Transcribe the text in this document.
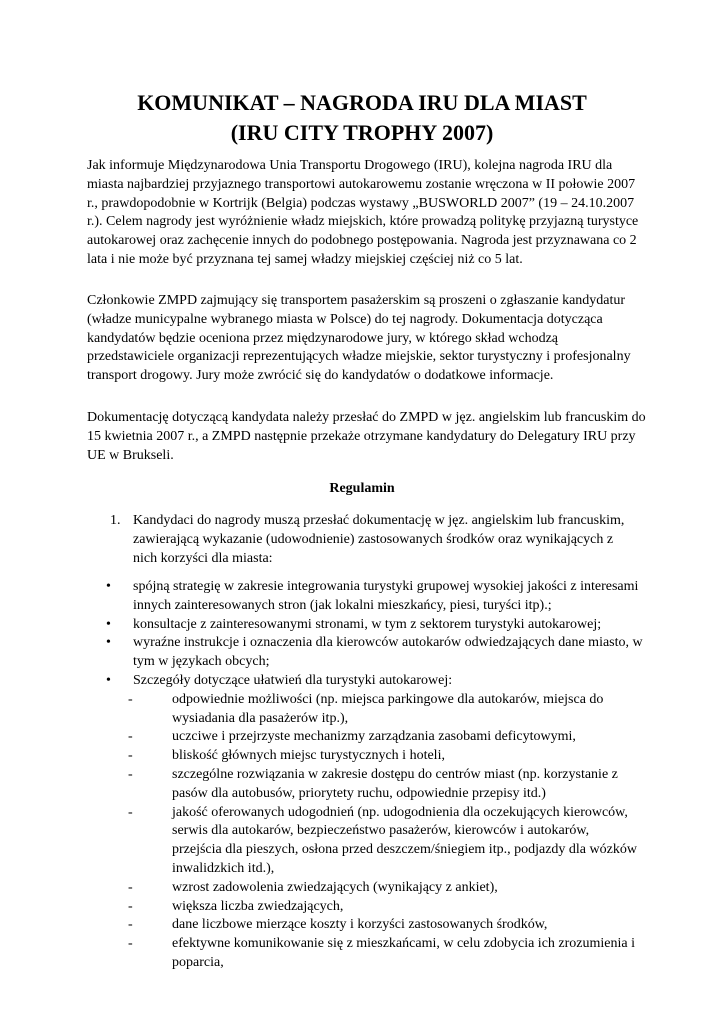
KOMUNIKAT – NAGRODA IRU DLA MIAST
(IRU CITY TROPHY 2007)

Jak informuje Międzynarodowa Unia Transportu Drogowego (IRU), kolejna nagroda IRU dla miasta najbardziej przyjaznego transportowi autokarowemu zostanie wręczona w II połowie 2007 r., prawdopodobnie w Kortrijk (Belgia) podczas wystawy „BUSWORLD 2007” (19 – 24.10.2007 r.). Celem nagrody jest wyróżnienie władz miejskich, które prowadzą politykę przyjazną turystyce autokarowej oraz zachęcenie innych do podobnego postępowania. Nagroda jest przyznawana co 2 lata i nie może być przyznana tej samej władzy miejskiej częściej niż co 5 lat.

Członkowie ZMPD zajmujący się transportem pasażerskim są proszeni o zgłaszanie kandydatur (władze municypalne wybranego miasta w Polsce) do tej nagrody. Dokumentacja dotycząca kandydatów będzie oceniona przez międzynarodowe jury, w którego skład wchodzą przedstawiciele organizacji reprezentujących władze miejskie, sektor turystyczny i profesjonalny transport drogowy. Jury może zwrócić się do kandydatów o dodatkowe informacje.

Dokumentację dotyczącą kandydata należy przesłać do ZMPD w jęz. angielskim lub francuskim do 15 kwietnia 2007 r., a ZMPD następnie przekaże otrzymane kandydatury do Delegatury IRU przy UE w Brukseli.

Regulamin

1. Kandydaci do nagrody muszą przesłać dokumentację w jęz. angielskim lub francuskim, zawierającą wykazanie (udowodnienie) zastosowanych środków oraz wynikających z nich korzyści dla miasta:

• spójną strategię w zakresie integrowania turystyki grupowej wysokiej jakości z interesami innych zainteresowanych stron (jak lokalni mieszkańcy, piesi, turyści itp).;
• konsultacje z zainteresowanymi stronami, w tym z sektorem turystyki autokarowej;
• wyraźne instrukcje i oznaczenia dla kierowców autokarów odwiedzających dane miasto, w tym w językach obcych;
• Szczegóły dotyczące ułatwień dla turystyki autokarowej:
-	odpowiednie możliwości (np. miejsca parkingowe dla autokarów, miejsca do wysiadania dla pasażerów itp.),
-	uczciwe i przejrzyste mechanizmy zarządzania zasobami deficytowymi,
-	bliskość głównych miejsc turystycznych i hoteli,
-	szczególne rozwiązania w zakresie dostępu do centrów miast (np. korzystanie z pasów dla autobusów, priorytety ruchu, odpowiednie przepisy itd.)
-	jakość oferowanych udogodnień (np. udogodnienia dla oczekujących kierowców, serwis dla autokarów, bezpieczeństwo pasażerów, kierowców i autokarów, przejścia dla pieszych, osłona przed deszczem/śniegiem itp., podjazdy dla wózków inwalidzkich itd.),
-	wzrost zadowolenia zwiedzających (wynikający z ankiet),
-	większa liczba zwiedzających,
-	dane liczbowe mierzące koszty i korzyści zastosowanych środków,
-	efektywne komunikowanie się z mieszkańcami, w celu zdobycia ich zrozumienia i poparcia,
